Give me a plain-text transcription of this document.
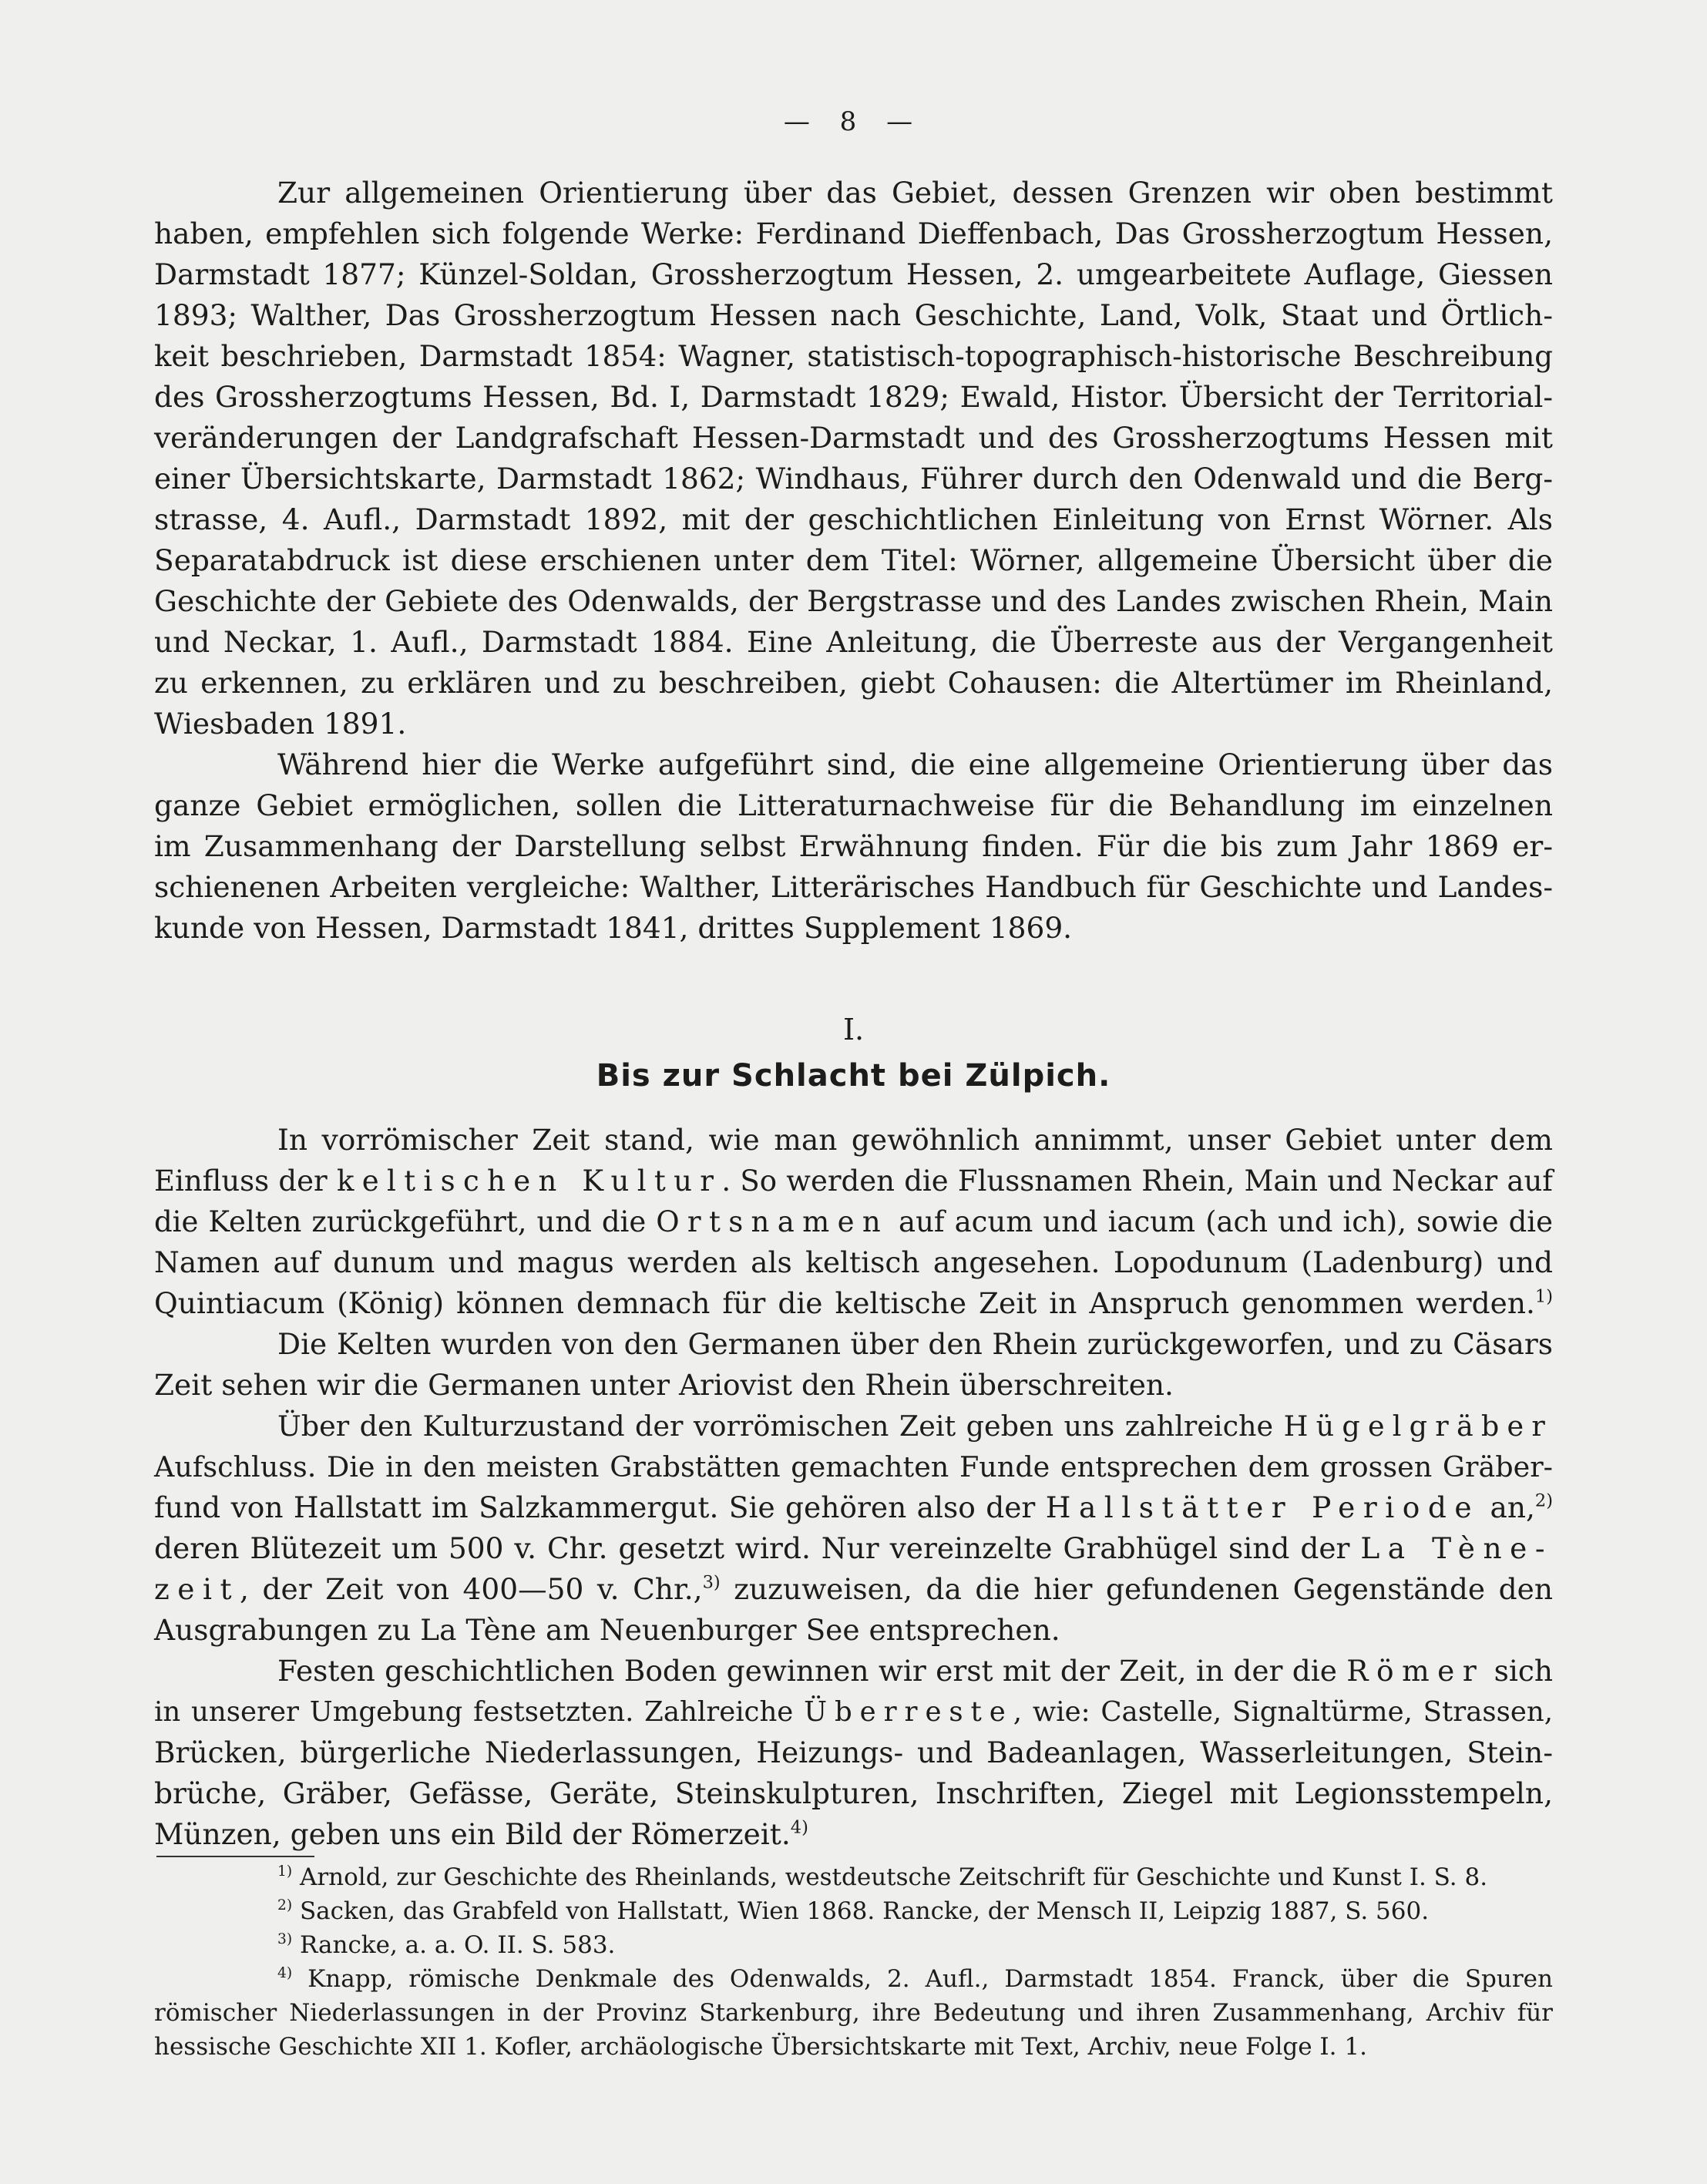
— 8 —
Zur allgemeinen Orientierung über das Gebiet, dessen Grenzen wir oben bestimmt
haben, empfehlen sich folgende Werke: Ferdinand Dieffenbach, Das Grossherzogtum Hessen,
Darmstadt 1877; Künzel-Soldan, Grossherzogtum Hessen, 2. umgearbeitete Auflage, Giessen
1893; Walther, Das Grossherzogtum Hessen nach Geschichte, Land, Volk, Staat und Örtlich-
keit beschrieben, Darmstadt 1854: Wagner, statistisch-topographisch-historische Beschreibung
des Grossherzogtums Hessen, Bd. I, Darmstadt 1829; Ewald, Histor. Übersicht der Territorial-
veränderungen der Landgrafschaft Hessen-Darmstadt und des Grossherzogtums Hessen mit
einer Übersichtskarte, Darmstadt 1862; Windhaus, Führer durch den Odenwald und die Berg-
strasse, 4. Aufl., Darmstadt 1892, mit der geschichtlichen Einleitung von Ernst Wörner. Als
Separatabdruck ist diese erschienen unter dem Titel: Wörner, allgemeine Übersicht über die
Geschichte der Gebiete des Odenwalds, der Bergstrasse und des Landes zwischen Rhein, Main
und Neckar, 1. Aufl., Darmstadt 1884. Eine Anleitung, die Überreste aus der Vergangenheit
zu erkennen, zu erklären und zu beschreiben, giebt Cohausen: die Altertümer im Rheinland,
Wiesbaden 1891.
Während hier die Werke aufgeführt sind, die eine allgemeine Orientierung über das
ganze Gebiet ermöglichen, sollen die Litteraturnachweise für die Behandlung im einzelnen
im Zusammenhang der Darstellung selbst Erwähnung finden. Für die bis zum Jahr 1869 er-
schienenen Arbeiten vergleiche: Walther, Litterärisches Handbuch für Geschichte und Landes-
kunde von Hessen, Darmstadt 1841, drittes Supplement 1869.
I.
Bis zur Schlacht bei Zülpich.
In vorrömischer Zeit stand, wie man gewöhnlich annimmt, unser Gebiet unter dem
Einfluss der keltischen Kultur. So werden die Flussnamen Rhein, Main und Neckar auf
die Kelten zurückgeführt, und die Ortsnamen auf acum und iacum (ach und ich), sowie die
Namen auf dunum und magus werden als keltisch angesehen. Lopodunum (Ladenburg) und
Quintiacum (König) können demnach für die keltische Zeit in Anspruch genommen werden.$^{1)}$
Die Kelten wurden von den Germanen über den Rhein zurückgeworfen, und zu Cäsars
Zeit sehen wir die Germanen unter Ariovist den Rhein überschreiten.
Über den Kulturzustand der vorrömischen Zeit geben uns zahlreiche Hügelgräber
Aufschluss. Die in den meisten Grabstätten gemachten Funde entsprechen dem grossen Gräber-
fund von Hallstatt im Salzkammergut. Sie gehören also der Hallstätter Periode an,$^{2)}$
deren Blütezeit um 500 v. Chr. gesetzt wird. Nur vereinzelte Grabhügel sind der La Tène-
zeit, der Zeit von 400—50 v. Chr.,$^{3)}$ zuzuweisen, da die hier gefundenen Gegenstände den
Ausgrabungen zu La Tène am Neuenburger See entsprechen.
Festen geschichtlichen Boden gewinnen wir erst mit der Zeit, in der die Römer sich
in unserer Umgebung festsetzten. Zahlreiche Überreste, wie: Castelle, Signaltürme, Strassen,
Brücken, bürgerliche Niederlassungen, Heizungs- und Badeanlagen, Wasserleitungen, Stein-
brüche, Gräber, Gefässe, Geräte, Steinskulpturen, Inschriften, Ziegel mit Legionsstempeln,
Münzen, geben uns ein Bild der Römerzeit.$^{4)}$
$^{1)}$ Arnold, zur Geschichte des Rheinlands, westdeutsche Zeitschrift für Geschichte und Kunst I. S. 8.
$^{2)}$ Sacken, das Grabfeld von Hallstatt, Wien 1868. Rancke, der Mensch II, Leipzig 1887, S. 560.
$^{3)}$ Rancke, a. a. O. II. S. 583.
$^{4)}$ Knapp, römische Denkmale des Odenwalds, 2. Aufl., Darmstadt 1854. Franck, über die Spuren
römischer Niederlassungen in der Provinz Starkenburg, ihre Bedeutung und ihren Zusammenhang, Archiv für
hessische Geschichte XII 1. Kofler, archäologische Übersichtskarte mit Text, Archiv, neue Folge I. 1.
